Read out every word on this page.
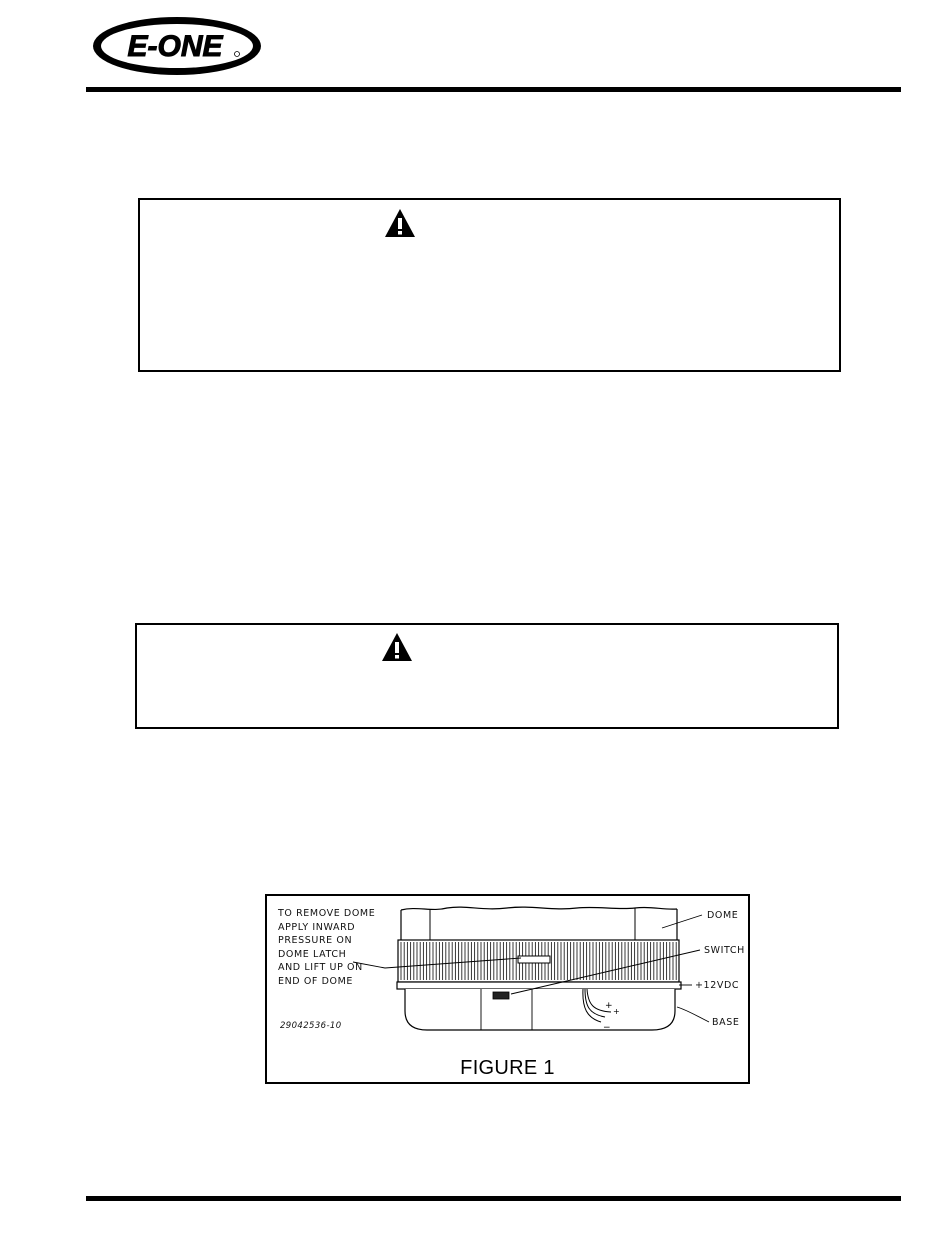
E-ONE
+
+
−
TO REMOVE DOME
APPLY INWARD
PRESSURE ON
DOME LATCH
AND LIFT UP ON
END OF DOME
DOME
SWITCH
+12VDC
BASE
29042536-10
FIGURE 1
